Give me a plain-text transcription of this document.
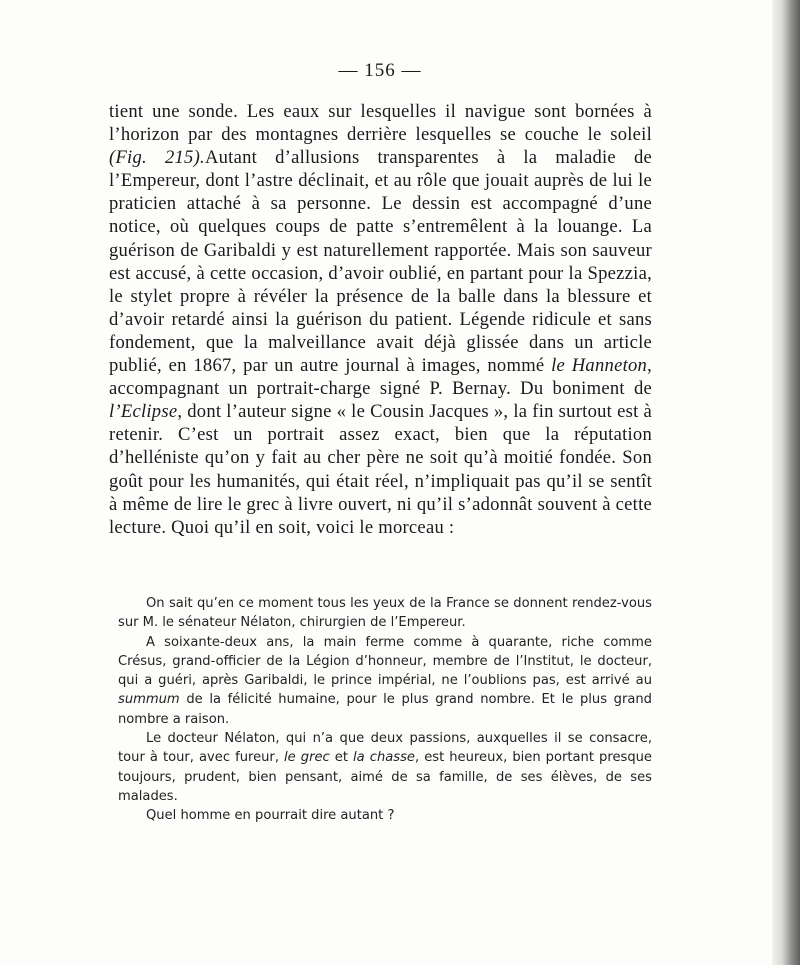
— 156 —

tient une sonde. Les eaux sur lesquelles il navigue sont bornées à l’horizon par des montagnes derrière lesquelles se couche le soleil (Fig. 215).Autant d’allusions transparentes à la maladie de l’Empereur, dont l’astre déclinait, et au rôle que jouait auprès de lui le praticien attaché à sa personne. Le dessin est accompagné d’une notice, où quelques coups de patte s’entremêlent à la louange. La guérison de Garibaldi y est naturellement rapportée. Mais son sauveur est accusé, à cette occasion, d’avoir oublié, en partant pour la Spezzia, le stylet propre à révéler la présence de la balle dans la blessure et d’avoir retardé ainsi la guérison du patient. Légende ridicule et sans fondement, que la malveillance avait déjà glissée dans un article publié, en 1867, par un autre journal à images, nommé le Hanneton, accompagnant un portrait-charge signé P. Bernay. Du boniment de l’Eclipse, dont l’auteur signe « le Cousin Jacques », la fin surtout est à retenir. C’est un portrait assez exact, bien que la réputation d’helléniste qu’on y fait au cher père ne soit qu’à moitié fondée. Son goût pour les humanités, qui était réel, n’impliquait pas qu’il se sentît à même de lire le grec à livre ouvert, ni qu’il s’adonnât souvent à cette lecture. Quoi qu’il en soit, voici le morceau :

On sait qu’en ce moment tous les yeux de la France se donnent rendez-vous sur M. le sénateur Nélaton, chirurgien de l’Empereur.

A soixante-deux ans, la main ferme comme à quarante, riche comme Crésus, grand-officier de la Légion d’honneur, membre de l’Institut, le docteur, qui a guéri, après Garibaldi, le prince impérial, ne l’oublions pas, est arrivé au summum de la félicité humaine, pour le plus grand nombre. Et le plus grand nombre a raison.

Le docteur Nélaton, qui n’a que deux passions, auxquelles il se consacre, tour à tour, avec fureur, le grec et la chasse, est heureux, bien portant presque toujours, prudent, bien pensant, aimé de sa famille, de ses élèves, de ses malades.

Quel homme en pourrait dire autant ?
